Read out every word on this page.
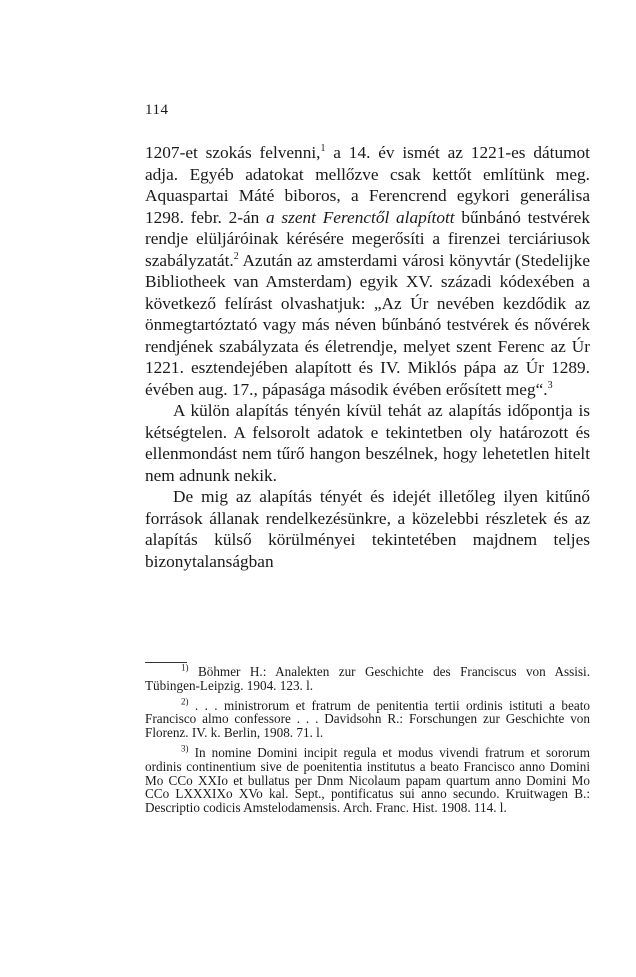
114

1207-et szokás felvenni,$^1$ a 14. év ismét az 1221-es dátumot adja. Egyéb adatokat mellőzve csak kettőt említünk meg. Aquaspartai Máté biboros, a Ferencrend egykori generálisa 1298. febr. 2-án a szent Ferenctől alapított bűnbánó testvérek rendje elüljáróinak kérésére megerősíti a firenzei terciáriusok szabályzatát.$^2$ Azután az amsterdami városi könyvtár (Stedelijke Bibliotheek van Amsterdam) egyik XV. századi kódexében a következő felírást olvashatjuk: „Az Úr nevében kezdődik az önmegtartóztató vagy más néven bűnbánó testvérek és nővérek rendjének szabályzata és életrendje, melyet szent Ferenc az Úr 1221. esztendejében alapított és IV. Miklós pápa az Úr 1289. évében aug. 17., pápasága második évében erősített meg“.$^3$

A külön alapítás tényén kívül tehát az alapítás időpontja is kétségtelen. A felsorolt adatok e tekintetben oly határozott és ellenmondást nem tűrő hangon beszélnek, hogy lehetetlen hitelt nem adnunk nekik.

De mig az alapítás tényét és idejét illetőleg ilyen kitűnő források állanak rendelkezésünkre, a közelebbi részletek és az alapítás külső körülményei tekintetében majdnem teljes bizonytalanságban

$^{1)}$ Böhmer H.: Analekten zur Geschichte des Franciscus von Assisi. Tübingen-Leipzig. 1904. 123. l.

$^{2)}$ . . . ministrorum et fratrum de penitentia tertii ordinis istituti a beato Francisco almo confessore . . . Davidsohn R.: Forschungen zur Geschichte von Florenz. IV. k. Berlin, 1908. 71. l.

$^{3)}$ In nomine Domini incipit regula et modus vivendi fratrum et sororum ordinis continentium sive de poenitentia institutus a beato Francisco anno Domini Mo CCo XXIo et bullatus per Dnm Nicolaum papam quartum anno Domini Mo CCo LXXXIXo XVo kal. Sept., pontificatus sui anno secundo. Kruitwagen B.: Descriptio codicis Amstelodamensis. Arch. Franc. Hist. 1908. 114. l.
